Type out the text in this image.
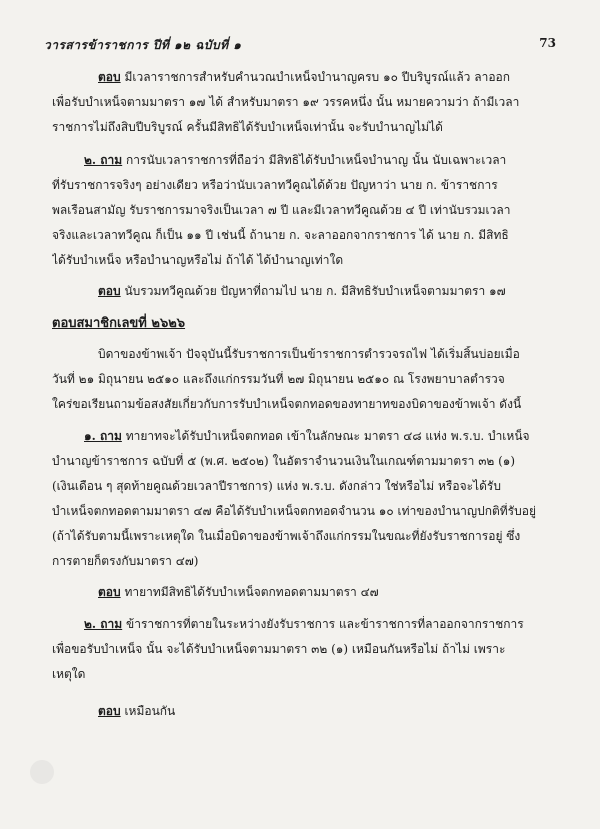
วารสารข้าราชการ ปีที่ ๑๒ ฉบับที่ ๑	73
ตอบ มีเวลาราชการสำหรับคำนวณบำเหน็จบำนาญครบ ๑๐ ปีบริบูรณ์แล้ว ลาออก
เพื่อรับบำเหน็จตามมาตรา ๑๗ ได้ สำหรับมาตรา ๑๙ วรรคหนึ่ง นั้น หมายความว่า ถ้ามีเวลา
ราชการไม่ถึงสิบปีบริบูรณ์ ครั้นมีสิทธิได้รับบำเหน็จเท่านั้น จะรับบำนาญไม่ได้
๒. ถาม การนับเวลาราชการที่ถือว่า มีสิทธิได้รับบำเหน็จบำนาญ นั้น นับเฉพาะเวลา
ที่รับราชการจริงๆ อย่างเดียว หรือว่านับเวลาทวีคูณได้ด้วย ปัญหาว่า นาย ก. ข้าราชการ
พลเรือนสามัญ รับราชการมาจริงเป็นเวลา ๗ ปี และมีเวลาทวีคูณด้วย ๔ ปี เท่านับรวมเวลา
จริงและเวลาทวีคูณ ก็เป็น ๑๑ ปี เช่นนี้ ถ้านาย ก. จะลาออกจากราชการ ได้ นาย ก. มีสิทธิ
ได้รับบำเหน็จ หรือบำนาญหรือไม่ ถ้าได้ ได้บำนาญเท่าใด
ตอบ นับรวมทวีคูณด้วย ปัญหาที่ถามไป นาย ก. มีสิทธิรับบำเหน็จตามมาตรา ๑๗
ตอบสมาชิกเลขที่ ๒๖๒๖
บิดาของข้าพเจ้า ปัจจุบันนี้รับราชการเป็นข้าราชการตำรวจรถไฟ ได้เริ่มสิ้นบ่อยเมื่อ
วันที่ ๒๑ มิถุนายน ๒๕๑๐ และถึงแก่กรรมวันที่ ๒๗ มิถุนายน ๒๕๑๐ ณ โรงพยาบาลตำรวจ
ใคร่ขอเรียนถามข้อสงสัยเกี่ยวกับการรับบำเหน็จตกทอดของทายาทของบิดาของข้าพเจ้า ดังนี้
๑. ถาม ทายาทจะได้รับบำเหน็จตกทอด เข้าในลักษณะ มาตรา ๔๘ แห่ง พ.ร.บ. บำเหน็จ
บำนาญข้าราชการ ฉบับที่ ๕ (พ.ศ. ๒๕๐๒) ในอัตราจำนวนเงินในเกณฑ์ตามมาตรา ๓๒ (๑)
(เงินเดือน ๆ สุดท้ายคูณด้วยเวลาปีราชการ) แห่ง พ.ร.บ. ดังกล่าว ใช่หรือไม่ หรือจะได้รับ
บำเหน็จตกทอดตามมาตรา ๔๗ คือได้รับบำเหน็จตกทอดจำนวน ๑๐ เท่าของบำนาญปกติที่รับอยู่
(ถ้าได้รับตามนี้เพราะเหตุใด ในเมื่อบิดาของข้าพเจ้าถึงแก่กรรมในขณะที่ยังรับราชการอยู่ ซึ่ง
การตายก็ตรงกับมาตรา ๔๗)
ตอบ ทายาทมีสิทธิได้รับบำเหน็จตกทอดตามมาตรา ๔๗
๒. ถาม ข้าราชการที่ตายในระหว่างยังรับราชการ และข้าราชการที่ลาออกจากราชการ
เพื่อขอรับบำเหน็จ นั้น จะได้รับบำเหน็จตามมาตรา ๓๒ (๑) เหมือนกันหรือไม่ ถ้าไม่ เพราะ
เหตุใด
ตอบ เหมือนกัน
